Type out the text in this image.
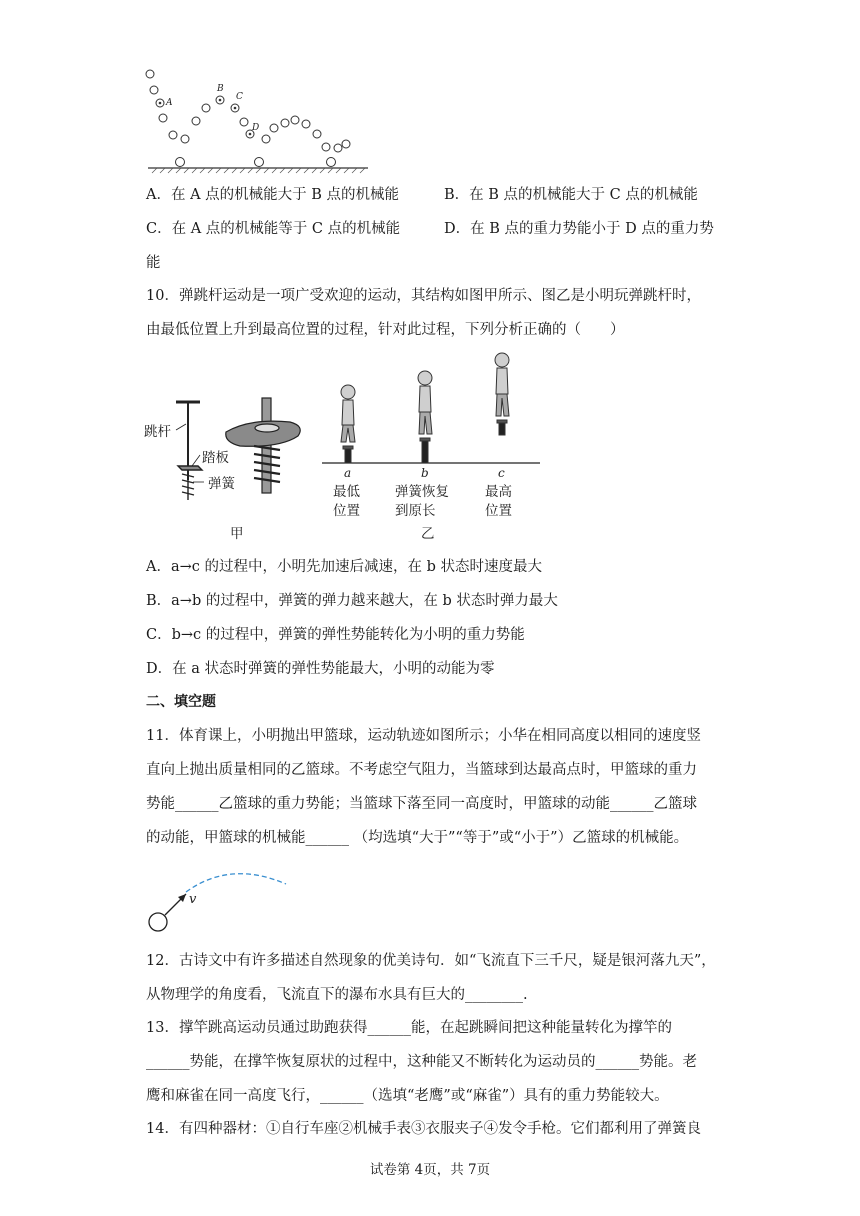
A
B
C
D
A．在 A 点的机械能大于 B 点的机械能	B．在 B 点的机械能大于 C 点的机械能
C．在 A 点的机械能等于 C 点的机械能	D．在 B 点的重力势能小于 D 点的重力势
能
10．弹跳杆运动是一项广受欢迎的运动，其结构如图甲所示、图乙是小明玩弹跳杆时，
由最低位置上升到最高位置的过程，针对此过程，下列分析正确的（　　）
跳杆
踏板
弹簧
甲
a	b	c
最低
位置
弹簧恢复
到原长
最高
位置
乙
A．a→c 的过程中，小明先加速后减速，在 b 状态时速度最大
B．a→b 的过程中，弹簧的弹力越来越大，在 b 状态时弹力最大
C．b→c 的过程中，弹簧的弹性势能转化为小明的重力势能
D．在 a 状态时弹簧的弹性势能最大，小明的动能为零
二、填空题
11．体育课上，小明抛出甲篮球，运动轨迹如图所示；小华在相同高度以相同的速度竖
直向上抛出质量相同的乙篮球。不考虑空气阻力，当篮球到达最高点时，甲篮球的重力
势能______乙篮球的重力势能；当篮球下落至同一高度时，甲篮球的动能______乙篮球
的动能，甲篮球的机械能______ （均选填“大于”“等于”或“小于”）乙篮球的机械能。
v
12．古诗文中有许多描述自然现象的优美诗句．如“飞流直下三千尺，疑是银河落九天”，
从物理学的角度看，飞流直下的瀑布水具有巨大的________.
13．撑竿跳高运动员通过助跑获得______能，在起跳瞬间把这种能量转化为撑竿的
______势能，在撑竿恢复原状的过程中，这种能又不断转化为运动员的______势能。老
鹰和麻雀在同一高度飞行，______（选填“老鹰”或“麻雀”）具有的重力势能较大。
14．有四种器材：①自行车座②机械手表③衣服夹子④发令手枪。它们都利用了弹簧良
试卷第 4页，共 7页
